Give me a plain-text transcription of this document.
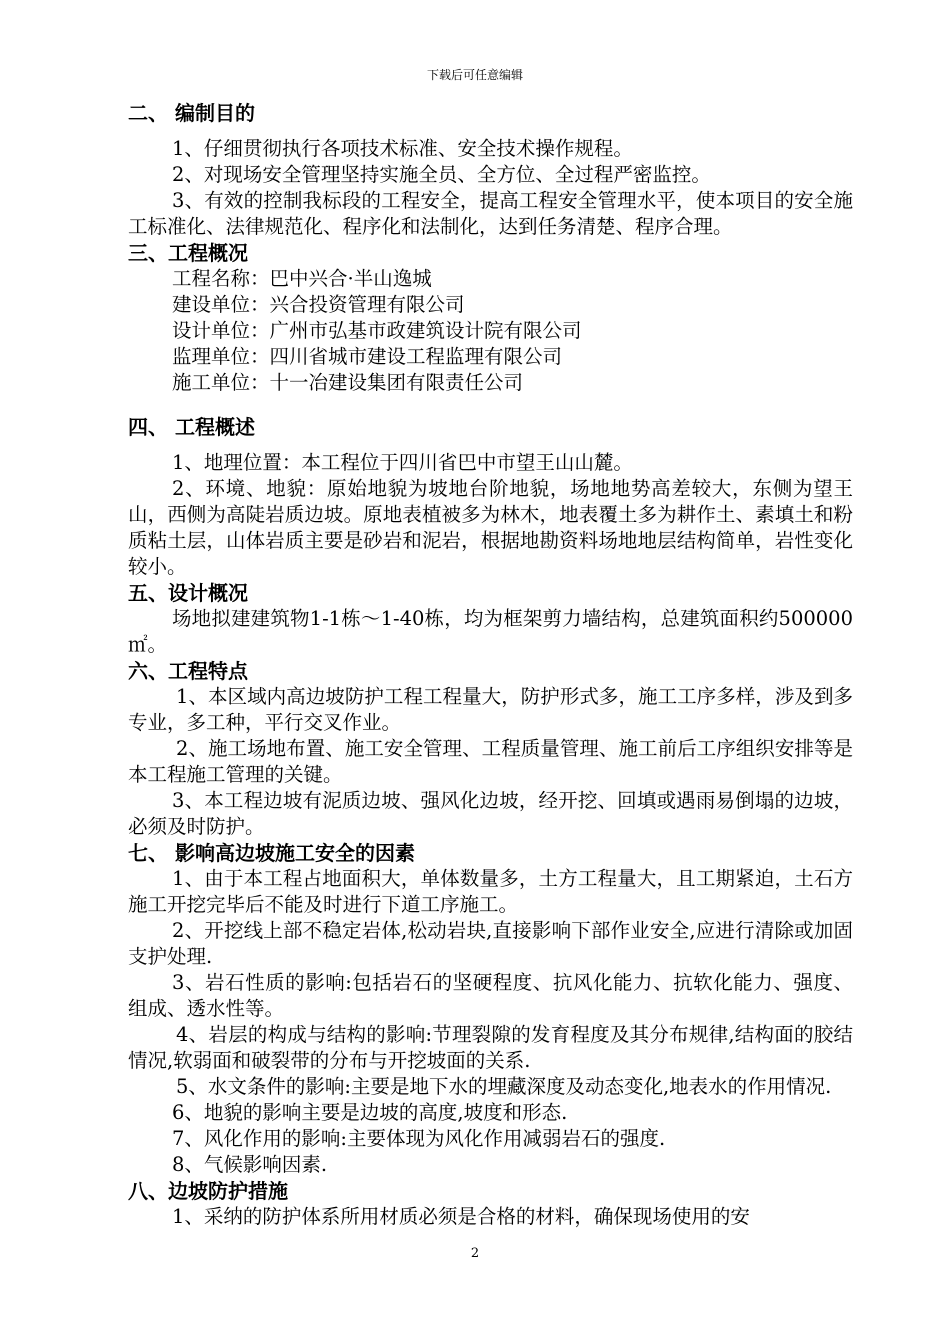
下载后可任意编辑

二、 编制目的

1、仔细贯彻执行各项技术标准、安全技术操作规程。

2、对现场安全管理坚持实施全员、全方位、全过程严密监控。

3、有效的控制我标段的工程安全，提高工程安全管理水平，使本项目的安全施工标准化、法律规范化、程序化和法制化，达到任务清楚、程序合理。

三、工程概况

工程名称：巴中兴合·半山逸城

建设单位：兴合投资管理有限公司

设计单位：广州市弘基市政建筑设计院有限公司

监理单位：四川省城市建设工程监理有限公司

施工单位：十一冶建设集团有限责任公司

四、 工程概述

1、地理位置：本工程位于四川省巴中市望王山山麓。

2、环境、地貌：原始地貌为坡地台阶地貌，场地地势高差较大，东侧为望王山，西侧为高陡岩质边坡。原地表植被多为林木，地表覆土多为耕作土、素填土和粉质粘土层，山体岩质主要是砂岩和泥岩，根据地勘资料场地地层结构简单，岩性变化较小。

五、设计概况

场地拟建建筑物1-1栋～1-40栋，均为框架剪力墙结构，总建筑面积约500000㎡。

六、工程特点

1、本区域内高边坡防护工程工程量大，防护形式多，施工工序多样，涉及到多专业，多工种，平行交叉作业。

2、施工场地布置、施工安全管理、工程质量管理、施工前后工序组织安排等是本工程施工管理的关键。

3、本工程边坡有泥质边坡、强风化边坡，经开挖、回填或遇雨易倒塌的边坡，必须及时防护。

七、 影响高边坡施工安全的因素

1、由于本工程占地面积大，单体数量多，土方工程量大，且工期紧迫，土石方施工开挖完毕后不能及时进行下道工序施工。

2、开挖线上部不稳定岩体,松动岩块,直接影响下部作业安全,应进行清除或加固支护处理.

3、岩石性质的影响:包括岩石的坚硬程度、抗风化能力、抗软化能力、强度、组成、透水性等。

4、岩层的构成与结构的影响:节理裂隙的发育程度及其分布规律,结构面的胶结情况,软弱面和破裂带的分布与开挖坡面的关系.

5、水文条件的影响:主要是地下水的埋藏深度及动态变化,地表水的作用情况.

6、地貌的影响主要是边坡的高度,坡度和形态.

7、风化作用的影响:主要体现为风化作用减弱岩石的强度.

8、气候影响因素.

八、边坡防护措施

1、采纳的防护体系所用材质必须是合格的材料，确保现场使用的安

2
